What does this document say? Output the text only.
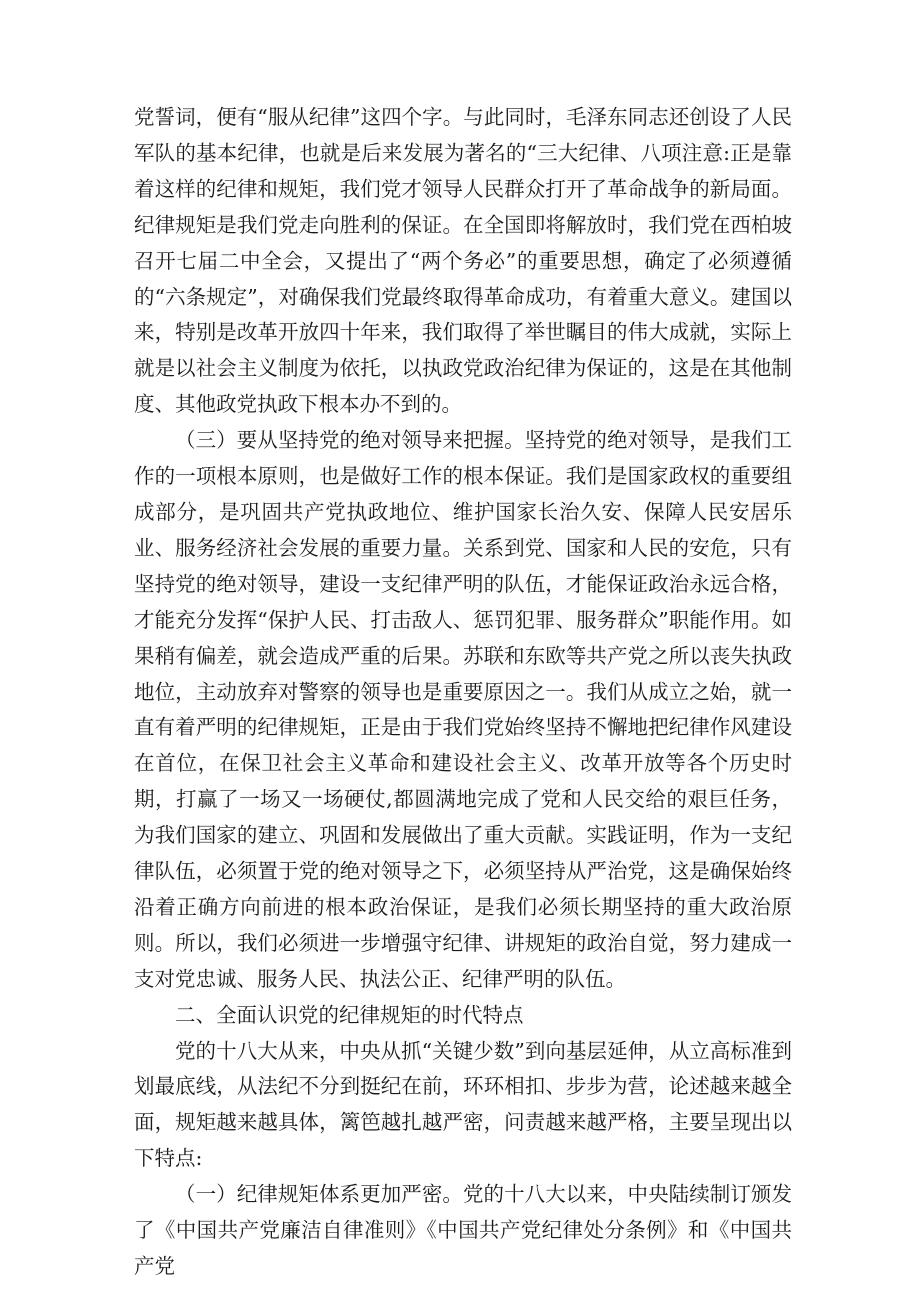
党誓词，便有“服从纪律”这四个字。与此同时，毛泽东同志还创设了人民军队的基本纪律，也就是后来发展为著名的“三大纪律、八项注意:正是靠着这样的纪律和规矩，我们党才领导人民群众打开了革命战争的新局面。纪律规矩是我们党走向胜利的保证。在全国即将解放时，我们党在西柏坡召开七届二中全会，又提出了“两个务必”的重要思想，确定了必须遵循的“六条规定”，对确保我们党最终取得革命成功，有着重大意义。建国以来，特别是改革开放四十年来，我们取得了举世瞩目的伟大成就，实际上就是以社会主义制度为依托，以执政党政治纪律为保证的，这是在其他制度、其他政党执政下根本办不到的。

（三）要从坚持党的绝对领导来把握。坚持党的绝对领导，是我们工作的一项根本原则，也是做好工作的根本保证。我们是国家政权的重要组成部分，是巩固共产党执政地位、维护国家长治久安、保障人民安居乐业、服务经济社会发展的重要力量。关系到党、国家和人民的安危，只有坚持党的绝对领导，建设一支纪律严明的队伍，才能保证政治永远合格，才能充分发挥“保护人民、打击敌人、惩罚犯罪、服务群众”职能作用。如果稍有偏差，就会造成严重的后果。苏联和东欧等共产党之所以丧失执政地位，主动放弃对警察的领导也是重要原因之一。我们从成立之始，就一直有着严明的纪律规矩，正是由于我们党始终坚持不懈地把纪律作风建设在首位，在保卫社会主义革命和建设社会主义、改革开放等各个历史时期，打赢了一场又一场硬仗,都圆满地完成了党和人民交给的艰巨任务，为我们国家的建立、巩固和发展做出了重大贡献。实践证明，作为一支纪律队伍，必须置于党的绝对领导之下，必须坚持从严治党，这是确保始终沿着正确方向前进的根本政治保证，是我们必须长期坚持的重大政治原则。所以，我们必须进一步增强守纪律、讲规矩的政治自觉，努力建成一支对党忠诚、服务人民、执法公正、纪律严明的队伍。

二、全面认识党的纪律规矩的时代特点

党的十八大从来，中央从抓“关键少数”到向基层延伸，从立高标准到划最底线，从法纪不分到挺纪在前，环环相扣、步步为营，论述越来越全面，规矩越来越具体，篱笆越扎越严密，问责越来越严格，主要呈现出以下特点:

（一）纪律规矩体系更加严密。党的十八大以来，中央陆续制订颁发了《中国共产党廉洁自律准则》《中国共产党纪律处分条例》和《中国共产党
